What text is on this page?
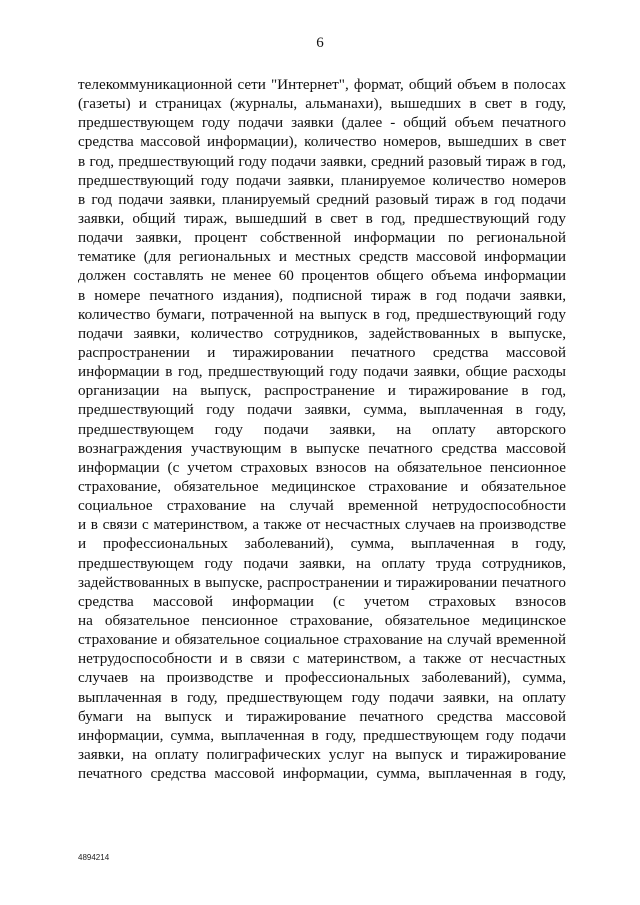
6
телекоммуникационной сети "Интернет", формат, общий объем в полосах
(газеты) и страницах (журналы, альманахи), вышедших в свет в году,
предшествующем году подачи заявки (далее - общий объем печатного
средства массовой информации), количество номеров, вышедших в свет
в год, предшествующий году подачи заявки, средний разовый тираж в год,
предшествующий году подачи заявки, планируемое количество номеров
в год подачи заявки, планируемый средний разовый тираж в год подачи
заявки, общий тираж, вышедший в свет в год, предшествующий году
подачи заявки, процент собственной информации по региональной
тематике (для региональных и местных средств массовой информации
должен составлять не менее 60 процентов общего объема информации
в номере печатного издания), подписной тираж в год подачи заявки,
количество бумаги, потраченной на выпуск в год, предшествующий году
подачи заявки, количество сотрудников, задействованных в выпуске,
распространении и тиражировании печатного средства массовой
информации в год, предшествующий году подачи заявки, общие расходы
организации на выпуск, распространение и тиражирование в год,
предшествующий году подачи заявки, сумма, выплаченная в году,
предшествующем году подачи заявки, на оплату авторского
вознаграждения участвующим в выпуске печатного средства массовой
информации (с учетом страховых взносов на обязательное пенсионное
страхование, обязательное медицинское страхование и обязательное
социальное страхование на случай временной нетрудоспособности
и в связи с материнством, а также от несчастных случаев на производстве
и профессиональных заболеваний), сумма, выплаченная в году,
предшествующем году подачи заявки, на оплату труда сотрудников,
задействованных в выпуске, распространении и тиражировании печатного
средства массовой информации (с учетом страховых взносов
на обязательное пенсионное страхование, обязательное медицинское
страхование и обязательное социальное страхование на случай временной
нетрудоспособности и в связи с материнством, а также от несчастных
случаев на производстве и профессиональных заболеваний), сумма,
выплаченная в году, предшествующем году подачи заявки, на оплату
бумаги на выпуск и тиражирование печатного средства массовой
информации, сумма, выплаченная в году, предшествующем году подачи
заявки, на оплату полиграфических услуг на выпуск и тиражирование
печатного средства массовой информации, сумма, выплаченная в году,
4894214
